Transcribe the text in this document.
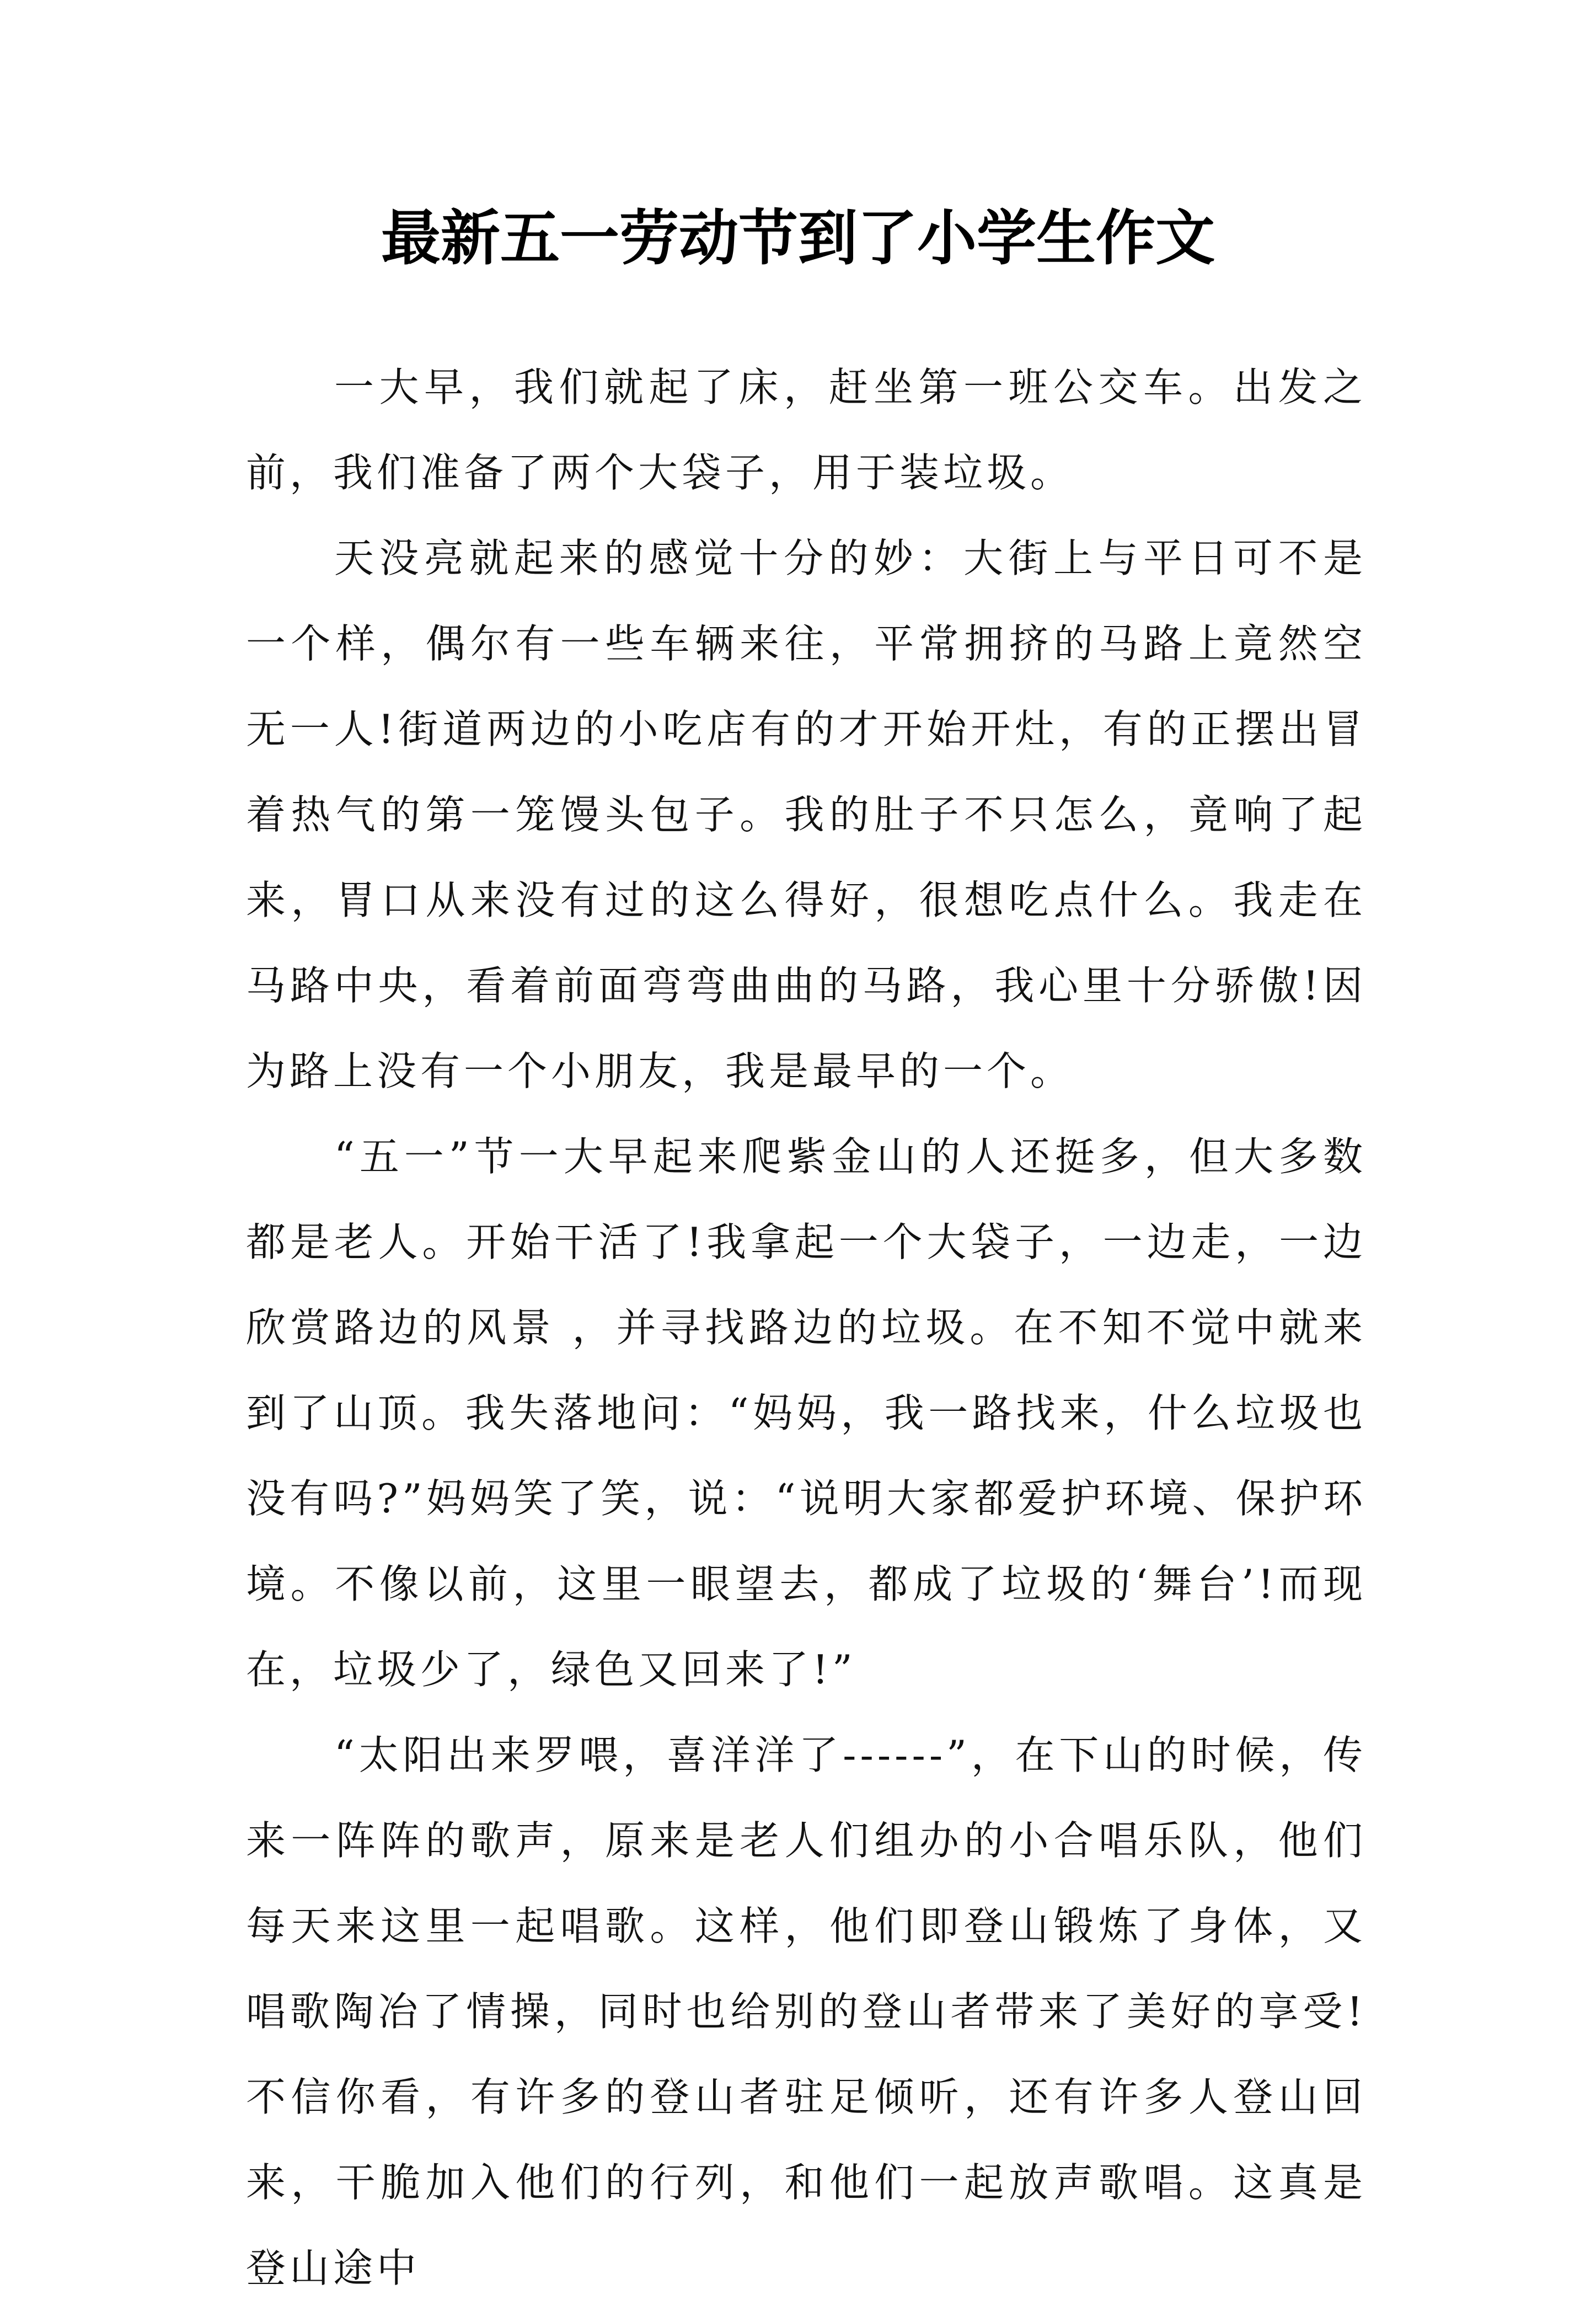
最新五一劳动节到了小学生作文

一大早，我们就起了床，赶坐第一班公交车。出发之前，我们准备了两个大袋子，用于装垃圾。

天没亮就起来的感觉十分的妙：大街上与平日可不是一个样，偶尔有一些车辆来往，平常拥挤的马路上竟然空无一人!街道两边的小吃店有的才开始开灶，有的正摆出冒着热气的第一笼馒头包子。我的肚子不只怎么，竟响了起来，胃口从来没有过的这么得好，很想吃点什么。我走在马路中央，看着前面弯弯曲曲的马路，我心里十分骄傲!因为路上没有一个小朋友，我是最早的一个。

“五一”节一大早起来爬紫金山的人还挺多，但大多数都是老人。开始干活了!我拿起一个大袋子，一边走，一边欣赏路边的风景 ，并寻找路边的垃圾。在不知不觉中就来到了山顶。我失落地问：“妈妈，我一路找来，什么垃圾也没有吗?”妈妈笑了笑，说：“说明大家都爱护环境、保护环境。不像以前，这里一眼望去，都成了垃圾的‘舞台’!而现在，垃圾少了，绿色又回来了!”

“太阳出来罗喂，喜洋洋了------”，在下山的时候，传来一阵阵的歌声，原来是老人们组办的小合唱乐队，他们每天来这里一起唱歌。这样，他们即登山锻炼了身体，又唱歌陶冶了情操，同时也给别的登山者带来了美好的享受!不信你看，有许多的登山者驻足倾听，还有许多人登山回来，干脆加入他们的行列，和他们一起放声歌唱。这真是登山途中
